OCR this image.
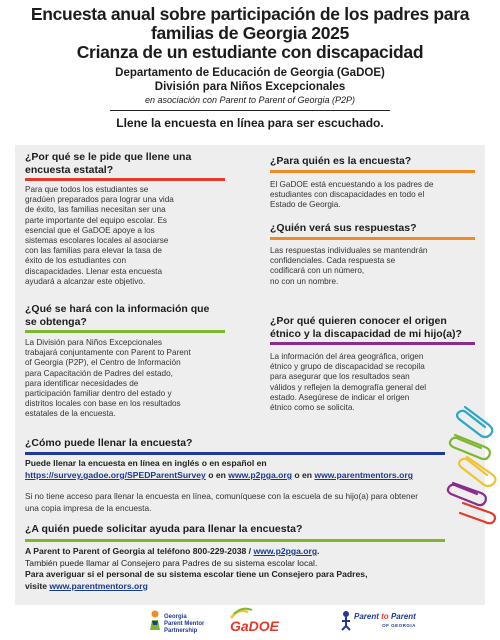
Encuesta anual sobre participación de los padres para
familias de Georgia 2025
Crianza de un estudiante con discapacidad
Departamento de Educación de Georgia (GaDOE)
División para Niños Excepcionales
en asociación con Parent to Parent of Georgia (P2P)
Llene la encuesta en línea para ser escuchado.
¿Por qué se le pide que llene una
encuesta estatal?
Para que todos los estudiantes se
gradúen preparados para lograr una vida
de éxito, las familias necesitan ser una
parte importante del equipo escolar. Es
esencial que el GaDOE apoye a los
sistemas escolares locales al asociarse
con las familias para elevar la tasa de
éxito de los estudiantes con
discapacidades. Llenar esta encuesta
ayudará a alcanzar este objetivo.
¿Para quién es la encuesta?
El GaDOE está encuestando a los padres de
estudiantes con discapacidades en todo el
Estado de Georgia.
¿Quién verá sus respuestas?
Las respuestas individuales se mantendrán
confidenciales. Cada respuesta se
codificará con un número,
no con un nombre.
¿Qué se hará con la información que
se obtenga?
La División para Niños Excepcionales
trabajará conjuntamente con Parent to Parent
of Georgia (P2P), el Centro de Información
para Capacitación de Padres del estado,
para identificar necesidades de
participación familiar dentro del estado y
distritos locales con base en los resultados
estatales de la encuesta.
¿Por qué quieren conocer el origen
étnico y la discapacidad de mi hijo(a)?
La información del área geográfica, origen
étnico y grupo de discapacidad se recopila
para asegurar que los resultados sean
válidos y reflejen la demografía general del
estado. Asegúrese de indicar el origen
étnico como se solicita.
¿Cómo puede llenar la encuesta?
Puede llenar la encuesta en línea en inglés o en español en
https://survey.gadoe.org/SPEDParentSurvey o en www.p2pga.org o en www.parentmentors.org
Si no tiene acceso para llenar la encuesta en línea, comuníquese con la escuela de su hijo(a) para obtener
una copia impresa de la encuesta.
¿A quién puede solicitar ayuda para llenar la encuesta?
A Parent to Parent of Georgia al teléfono 800-229-2038 / www.p2pga.org.
También puede llamar al Consejero para Padres de su sistema escolar local.
Para averiguar si el personal de su sistema escolar tiene un Consejero para Padres,
visite www.parentmentors.org
Georgia
Parent Mentor
Partnership	GaDOE
Parent to Parent
OF GEORGIA
